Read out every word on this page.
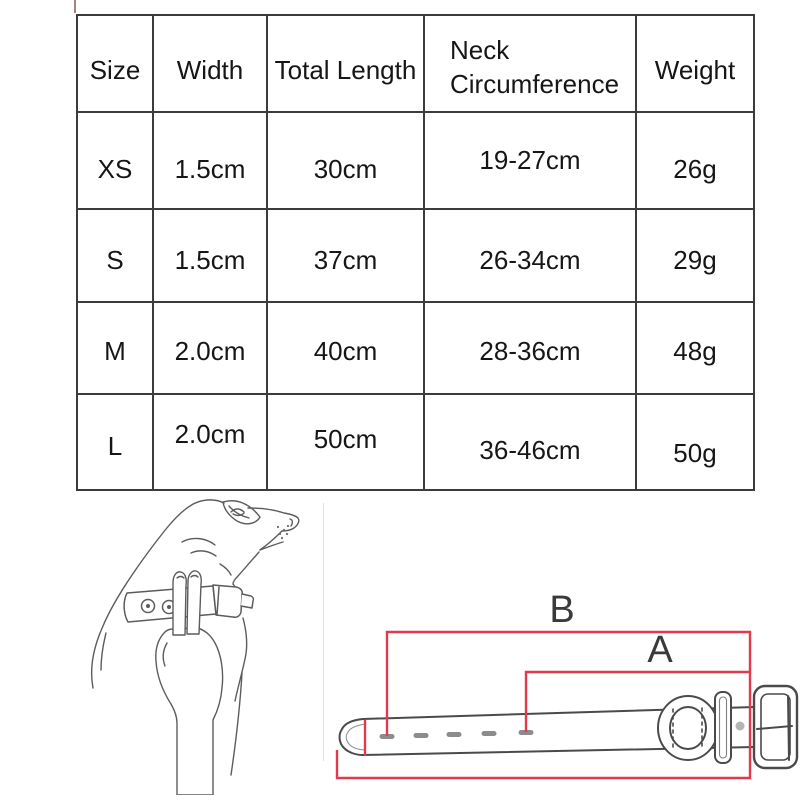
Size	Width	Total Length	Neck Circumference	Weight
XS	1.5cm	30cm	19-27cm	26g
S	1.5cm	37cm	26-34cm	29g
M	2.0cm	40cm	28-36cm	48g
L	2.0cm	50cm	36-46cm	50g
B
A
